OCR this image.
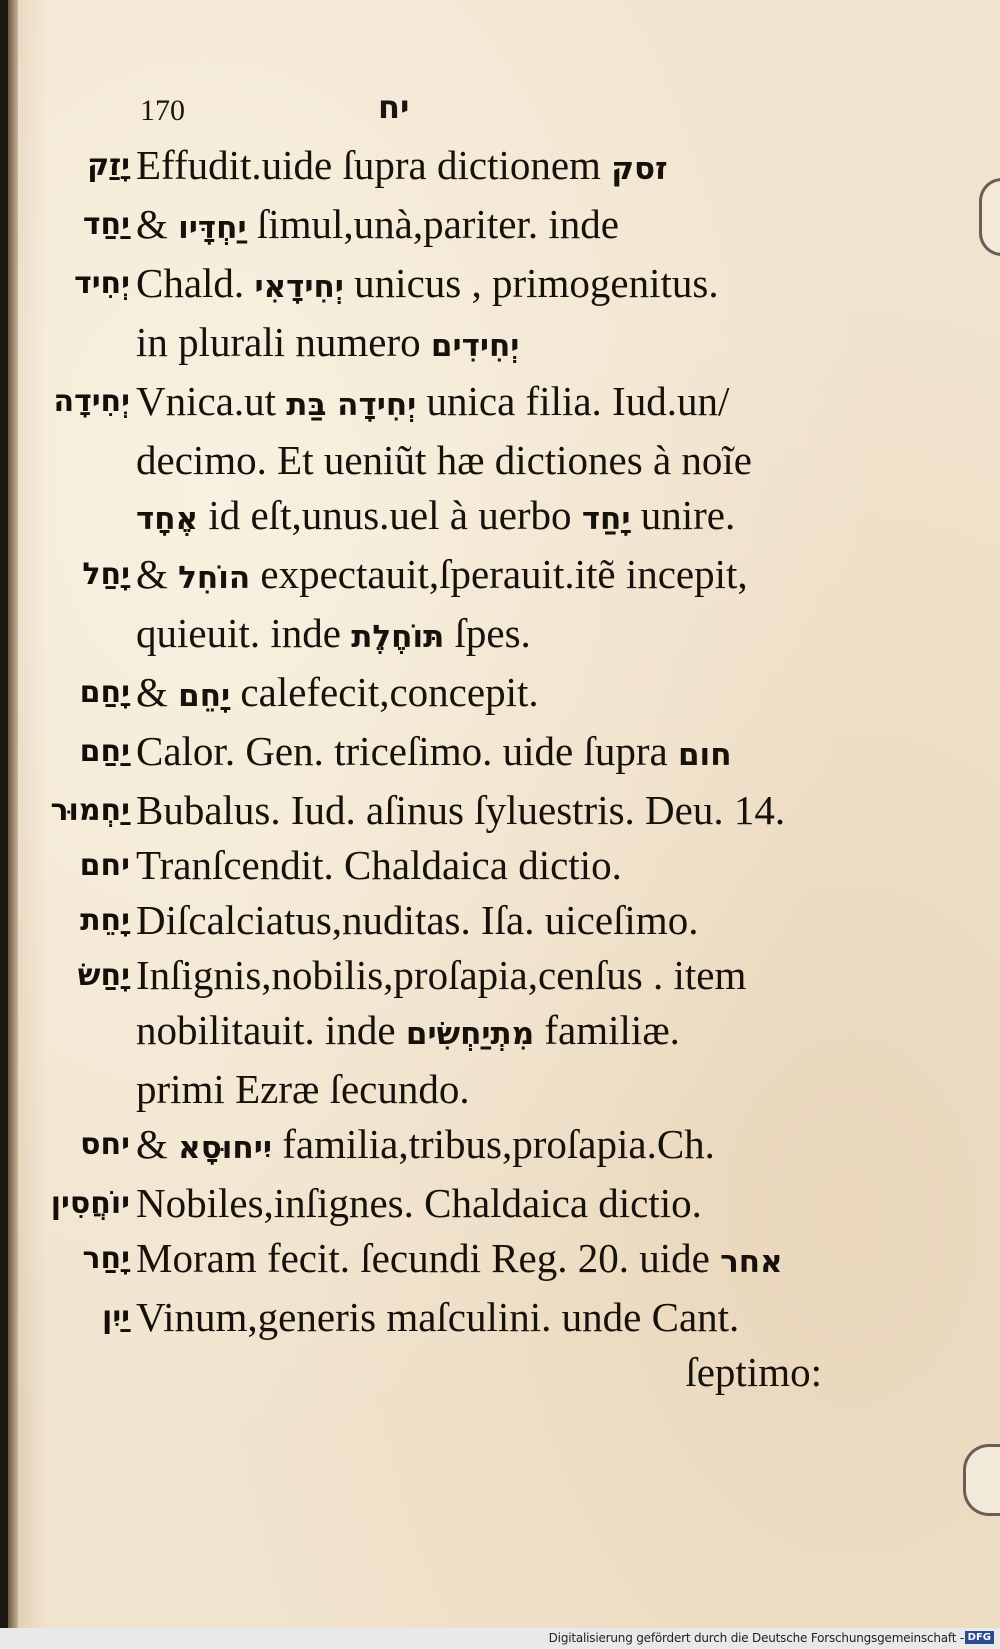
170	יח
יָזַק Effudit.uide ſupra dictionem זסק
יַחַד & יַחְדָּיו ſimul,unà,pariter. inde
יְחִיד Chald. יְחִידָאִי unicus , primogenitus.
in plurali numero יְחִידִים
יְחִידָה Vnica.ut יְחִידָה בַּת unica filia. Iud.un/
decimo. Et ueniũt hæ dictiones à noĩe
אֶחָד id eſt,unus.uel à uerbo יָחַד unire.
יָחַל & הוֹחִל expectauit,ſperauit.itẽ incepit,
quieuit. inde תּוֹחֶלֶת ſpes.
יָחַם & יָחֵם calefecit,concepit.
יַחַם Calor. Gen. triceſimo. uide ſupra חום
יַחְמוּר Bubalus. Iud. aſinus ſyluestris. Deu. 14.
יחם Tranſcendit. Chaldaica dictio.
יָחֵת Diſcalciatus,nuditas. Iſa. uiceſimo.
יָחַשׂ Inſignis,nobilis,proſapia,cenſus . item
nobilitauit. inde מִתְיַחְשִׂים familiæ.
primi Ezræ ſecundo.
יחס & יִיחוּסָא familia,tribus,proſapia.Ch.
יוֹחֲסִין Nobiles,inſignes. Chaldaica dictio.
יָחַר Moram fecit. ſecundi Reg. 20. uide אחר
יַיִן Vinum,generis maſculini. unde Cant.
ſeptimo:
Digitalisierung gefördert durch die Deutsche Forschungsgemeinschaft - DFG
